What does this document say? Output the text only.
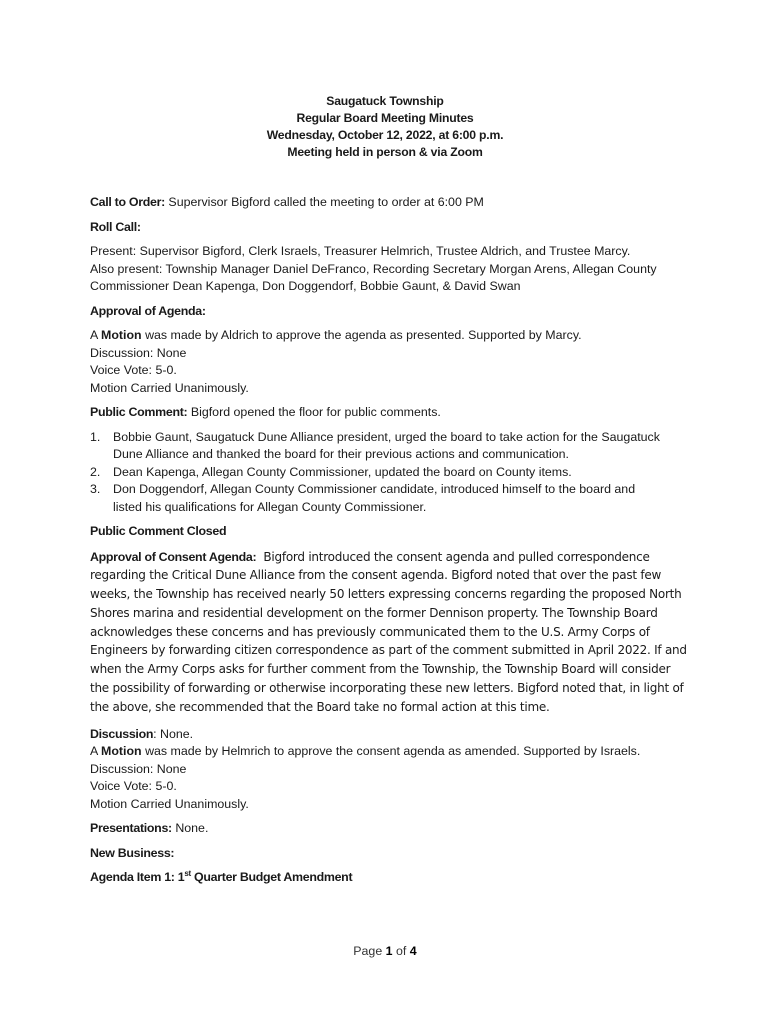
Saugatuck Township
Regular Board Meeting Minutes
Wednesday, October 12, 2022, at 6:00 p.m.
Meeting held in person & via Zoom
Call to Order: Supervisor Bigford called the meeting to order at 6:00 PM
Roll Call:
Present: Supervisor Bigford, Clerk Israels, Treasurer Helmrich, Trustee Aldrich, and Trustee Marcy.
Also present: Township Manager Daniel DeFranco, Recording Secretary Morgan Arens, Allegan County
Commissioner Dean Kapenga, Don Doggendorf, Bobbie Gaunt, & David Swan
Approval of Agenda:
A Motion was made by Aldrich to approve the agenda as presented. Supported by Marcy.
Discussion: None
Voice Vote: 5-0.
Motion Carried Unanimously.
Public Comment: Bigford opened the floor for public comments.
1. Bobbie Gaunt, Saugatuck Dune Alliance president, urged the board to take action for the Saugatuck
Dune Alliance and thanked the board for their previous actions and communication.
2. Dean Kapenga, Allegan County Commissioner, updated the board on County items.
3. Don Doggendorf, Allegan County Commissioner candidate, introduced himself to the board and
listed his qualifications for Allegan County Commissioner.
Public Comment Closed
Approval of Consent Agenda:  Bigford introduced the consent agenda and pulled correspondence
regarding the Critical Dune Alliance from the consent agenda. Bigford noted that over the past few
weeks, the Township has received nearly 50 letters expressing concerns regarding the proposed North
Shores marina and residential development on the former Dennison property. The Township Board
acknowledges these concerns and has previously communicated them to the U.S. Army Corps of
Engineers by forwarding citizen correspondence as part of the comment submitted in April 2022. If and
when the Army Corps asks for further comment from the Township, the Township Board will consider
the possibility of forwarding or otherwise incorporating these new letters. Bigford noted that, in light of
the above, she recommended that the Board take no formal action at this time.
Discussion: None.
A Motion was made by Helmrich to approve the consent agenda as amended. Supported by Israels.
Discussion: None
Voice Vote: 5-0.
Motion Carried Unanimously.
Presentations: None.
New Business:
Agenda Item 1: 1st Quarter Budget Amendment
Page 1 of 4
